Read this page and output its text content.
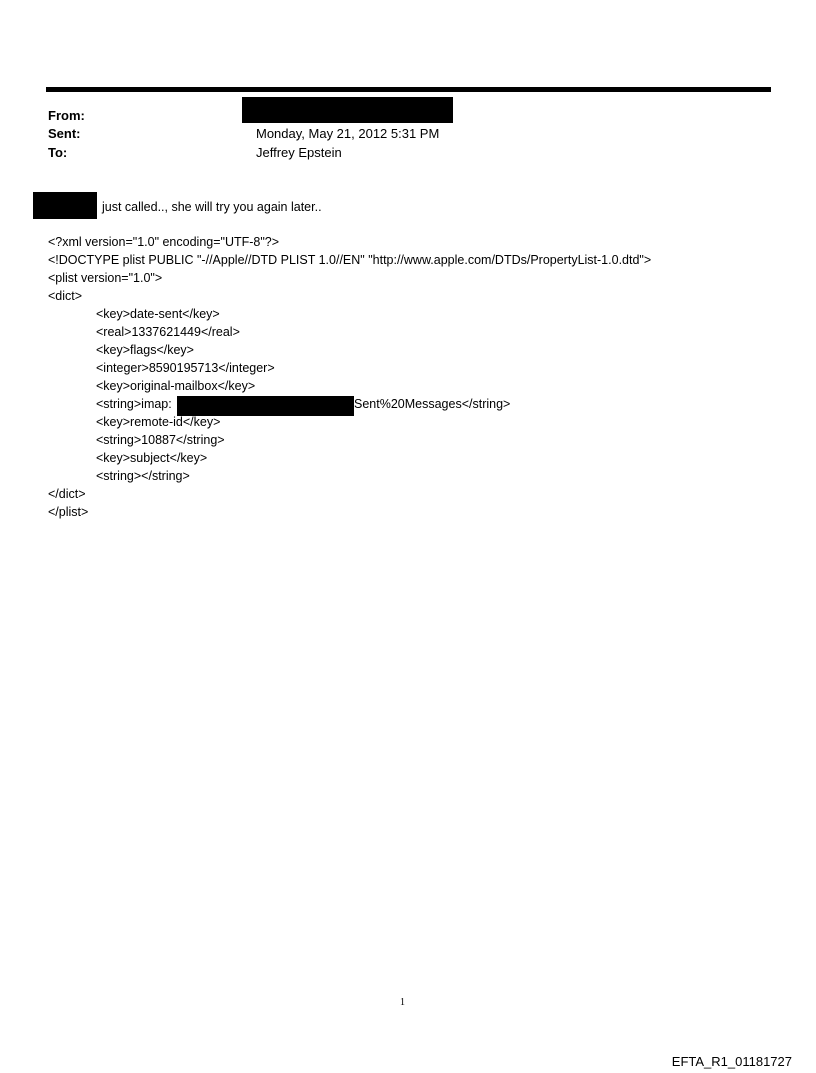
From:
Sent:	Monday, May 21, 2012 5:31 PM
To:	Jeffrey Epstein
just called.., she will try you again later..
<?xml version="1.0" encoding="UTF-8"?>
<!DOCTYPE plist PUBLIC "-//Apple//DTD PLIST 1.0//EN" "http://www.apple.com/DTDs/PropertyList-1.0.dtd">
<plist version="1.0">
<dict>
<key>date-sent</key>
<real>1337621449</real>
<key>flags</key>
<integer>8590195713</integer>
<key>original-mailbox</key>
<string>imap:	Sent%20Messages</string>
<key>remote-id</key>
<string>10887</string>
<key>subject</key>
<string></string>
</dict>
</plist>
1
EFTA_R1_01181727
